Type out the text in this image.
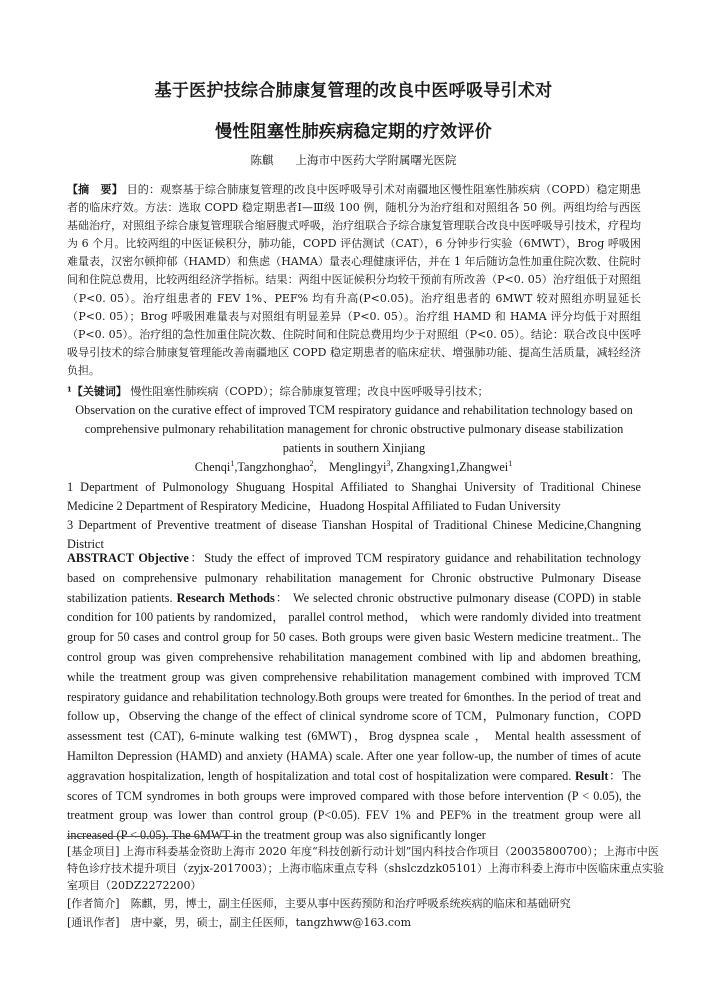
基于医护技综合肺康复管理的改良中医呼吸导引术对
慢性阻塞性肺疾病稳定期的疗效评价
陈麒 上海市中医药大学附属曙光医院
【摘　要】 目的：观察基于综合肺康复管理的改良中医呼吸导引术对南疆地区慢性阻塞性肺疾病（COPD）稳定期患者的临床疗效。方法：选取 COPD 稳定期患者Ⅰ—Ⅲ级 100 例，随机分为治疗组和对照组各 50 例。两组均给与西医基础治疗，对照组予综合康复管理联合缩唇腹式呼吸，治疗组联合予综合康复管理联合改良中医呼吸导引技术，疗程均为 6 个月。比较两组的中医证候积分，肺功能，COPD 评估测试（CAT），6 分钟步行实验（6MWT），Brog 呼吸困难量表，汉密尔顿抑郁（HAMD）和焦虑（HAMA）量表心理健康评估，并在 1 年后随访急性加重住院次数、住院时间和住院总费用，比较两组经济学指标。结果：两组中医证候积分均较干预前有所改善（P<0. 05）治疗组低于对照组（P<0. 05）。治疗组患者的 FEV 1%、PEF% 均有升高(P<0.05)。治疗组患者的 6MWT 较对照组亦明显延长（P<0. 05）；Brog 呼吸困难量表与对照组有明显差异（P<0. 05）。治疗组 HAMD 和 HAMA 评分均低于对照组（P<0. 05）。治疗组的急性加重住院次数、住院时间和住院总费用均少于对照组（P<0. 05）。结论：联合改良中医呼吸导引技术的综合肺康复管理能改善南疆地区 COPD 稳定期患者的临床症状、增强肺功能、提高生活质量，减轻经济负担。
¹【关键词】 慢性阻塞性肺疾病（COPD）；综合肺康复管理；改良中医呼吸导引技术；
Observation on the curative effect of improved TCM respiratory guidance and rehabilitation technology based on comprehensive pulmonary rehabilitation management for chronic obstructive pulmonary disease stabilization patients in southern Xinjiang
Chenqi$^1$,Tangzhonghao$^2$,    Menglingyi$^3$, Zhangxing1,Zhangwei$^1$
1 Department of Pulmonology Shuguang Hospital Affiliated to Shanghai University of Traditional Chinese Medicine 2 Department of Respiratory Medicine，Huadong Hospital Affiliated to Fudan University
3 Department of Preventive treatment of disease Tianshan Hospital of Traditional Chinese Medicine,Changning District
ABSTRACT Objective：Study the effect of improved TCM respiratory guidance and rehabilitation technology based on comprehensive pulmonary rehabilitation management for Chronic obstructive Pulmonary Disease stabilization patients. Research Methods： We selected chronic obstructive pulmonary disease (COPD) in stable condition for 100 patients by randomized， parallel control method， which were randomly divided into treatment group for 50 cases and control group for 50 cases. Both groups were given basic Western medicine treatment.. The control group was given comprehensive rehabilitation management combined with lip and abdomen breathing, while the treatment group was given comprehensive rehabilitation management combined with improved TCM respiratory guidance and rehabilitation technology.Both groups were treated for 6monthes. In the period of treat and follow up，Observing the change of the effect of clinical syndrome score of TCM，Pulmonary function，COPD assessment test (CAT), 6-minute walking test (6MWT)，Brog dyspnea scale ， Mental health assessment of Hamilton Depression (HAMD) and anxiety (HAMA) scale. After one year follow-up, the number of times of acute aggravation hospitalization, length of hospitalization and total cost of hospitalization were compared. Result：The scores of TCM syndromes in both groups were improved compared with those before intervention (P < 0.05), the treatment group was lower than control group (P<0.05). FEV 1% and PEF% in the treatment group were all increased (P < 0.05). The 6MWT in the treatment group was also significantly longer
[基金项目] 上海市科委基金资助上海市 2020 年度“科技创新行动计划”国内科技合作项目（20035800700）；上海市中医特色诊疗技术提升项目（zyjx-2017003）；上海市临床重点专科（shslczdzk05101）上海市科委上海市中医临床重点实验室项目（20DZ2272200）
[作者简介]　陈麒，男，博士，副主任医师，主要从事中医药预防和治疗呼吸系统疾病的临床和基础研究
[通讯作者]　唐中豪，男，硕士，副主任医师，tangzhww@163.com
